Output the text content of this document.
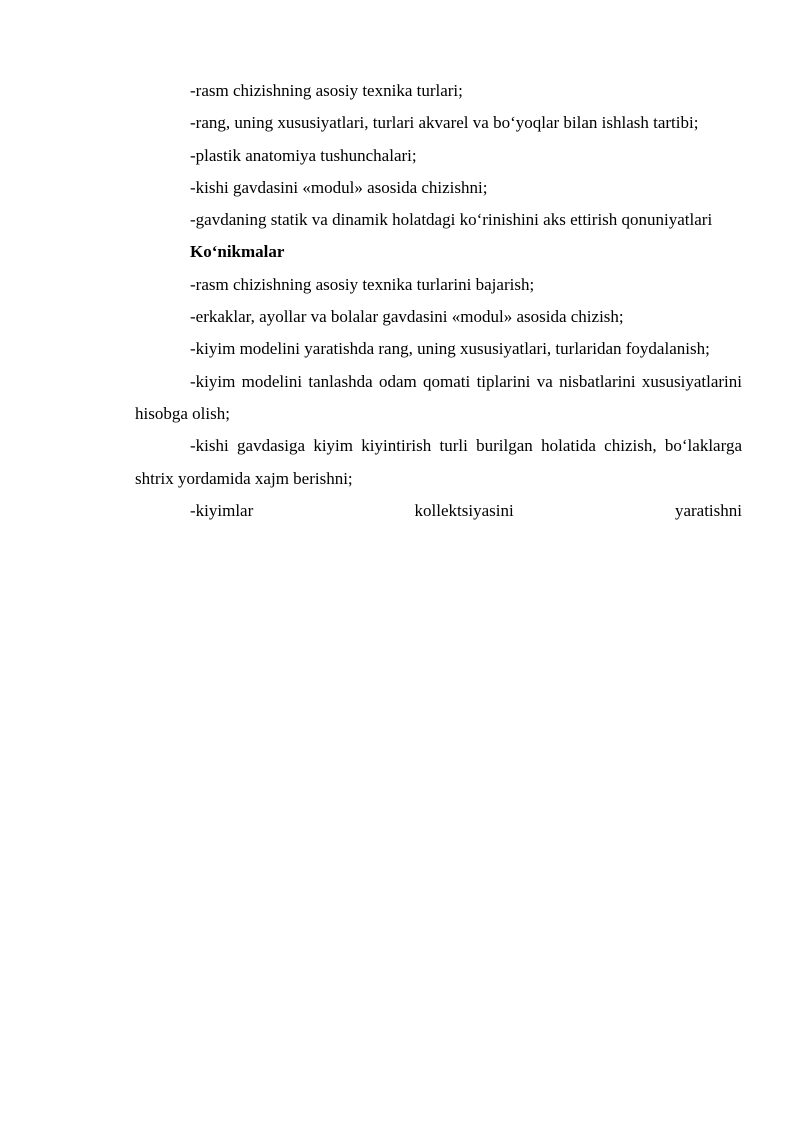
-rasm chizishning asosiy texnika turlari;

-rang, uning xususiyatlari, turlari akvarel va bo‘yoqlar bilan ishlash tartibi;

-plastik anatomiya tushunchalari;

-kishi gavdasini «modul» asosida chizishni;

-gavdaning statik va dinamik holatdagi ko‘rinishini aks ettirish qonuniyatlari

Ko‘nikmalar

-rasm chizishning asosiy texnika turlarini bajarish;

-erkaklar, ayollar va bolalar gavdasini «modul» asosida chizish;

-kiyim modelini yaratishda rang, uning xususiyatlari, turlaridan foydalanish;

-kiyim modelini tanlashda odam qomati tiplarini va nisbatlarini xususiyatlarini hisobga olish;

-kishi gavdasiga kiyim kiyintirish turli burilgan holatida chizish, bo‘laklarga shtrix yordamida xajm berishni;

-kiyimlar kollektsiyasini yaratishni
